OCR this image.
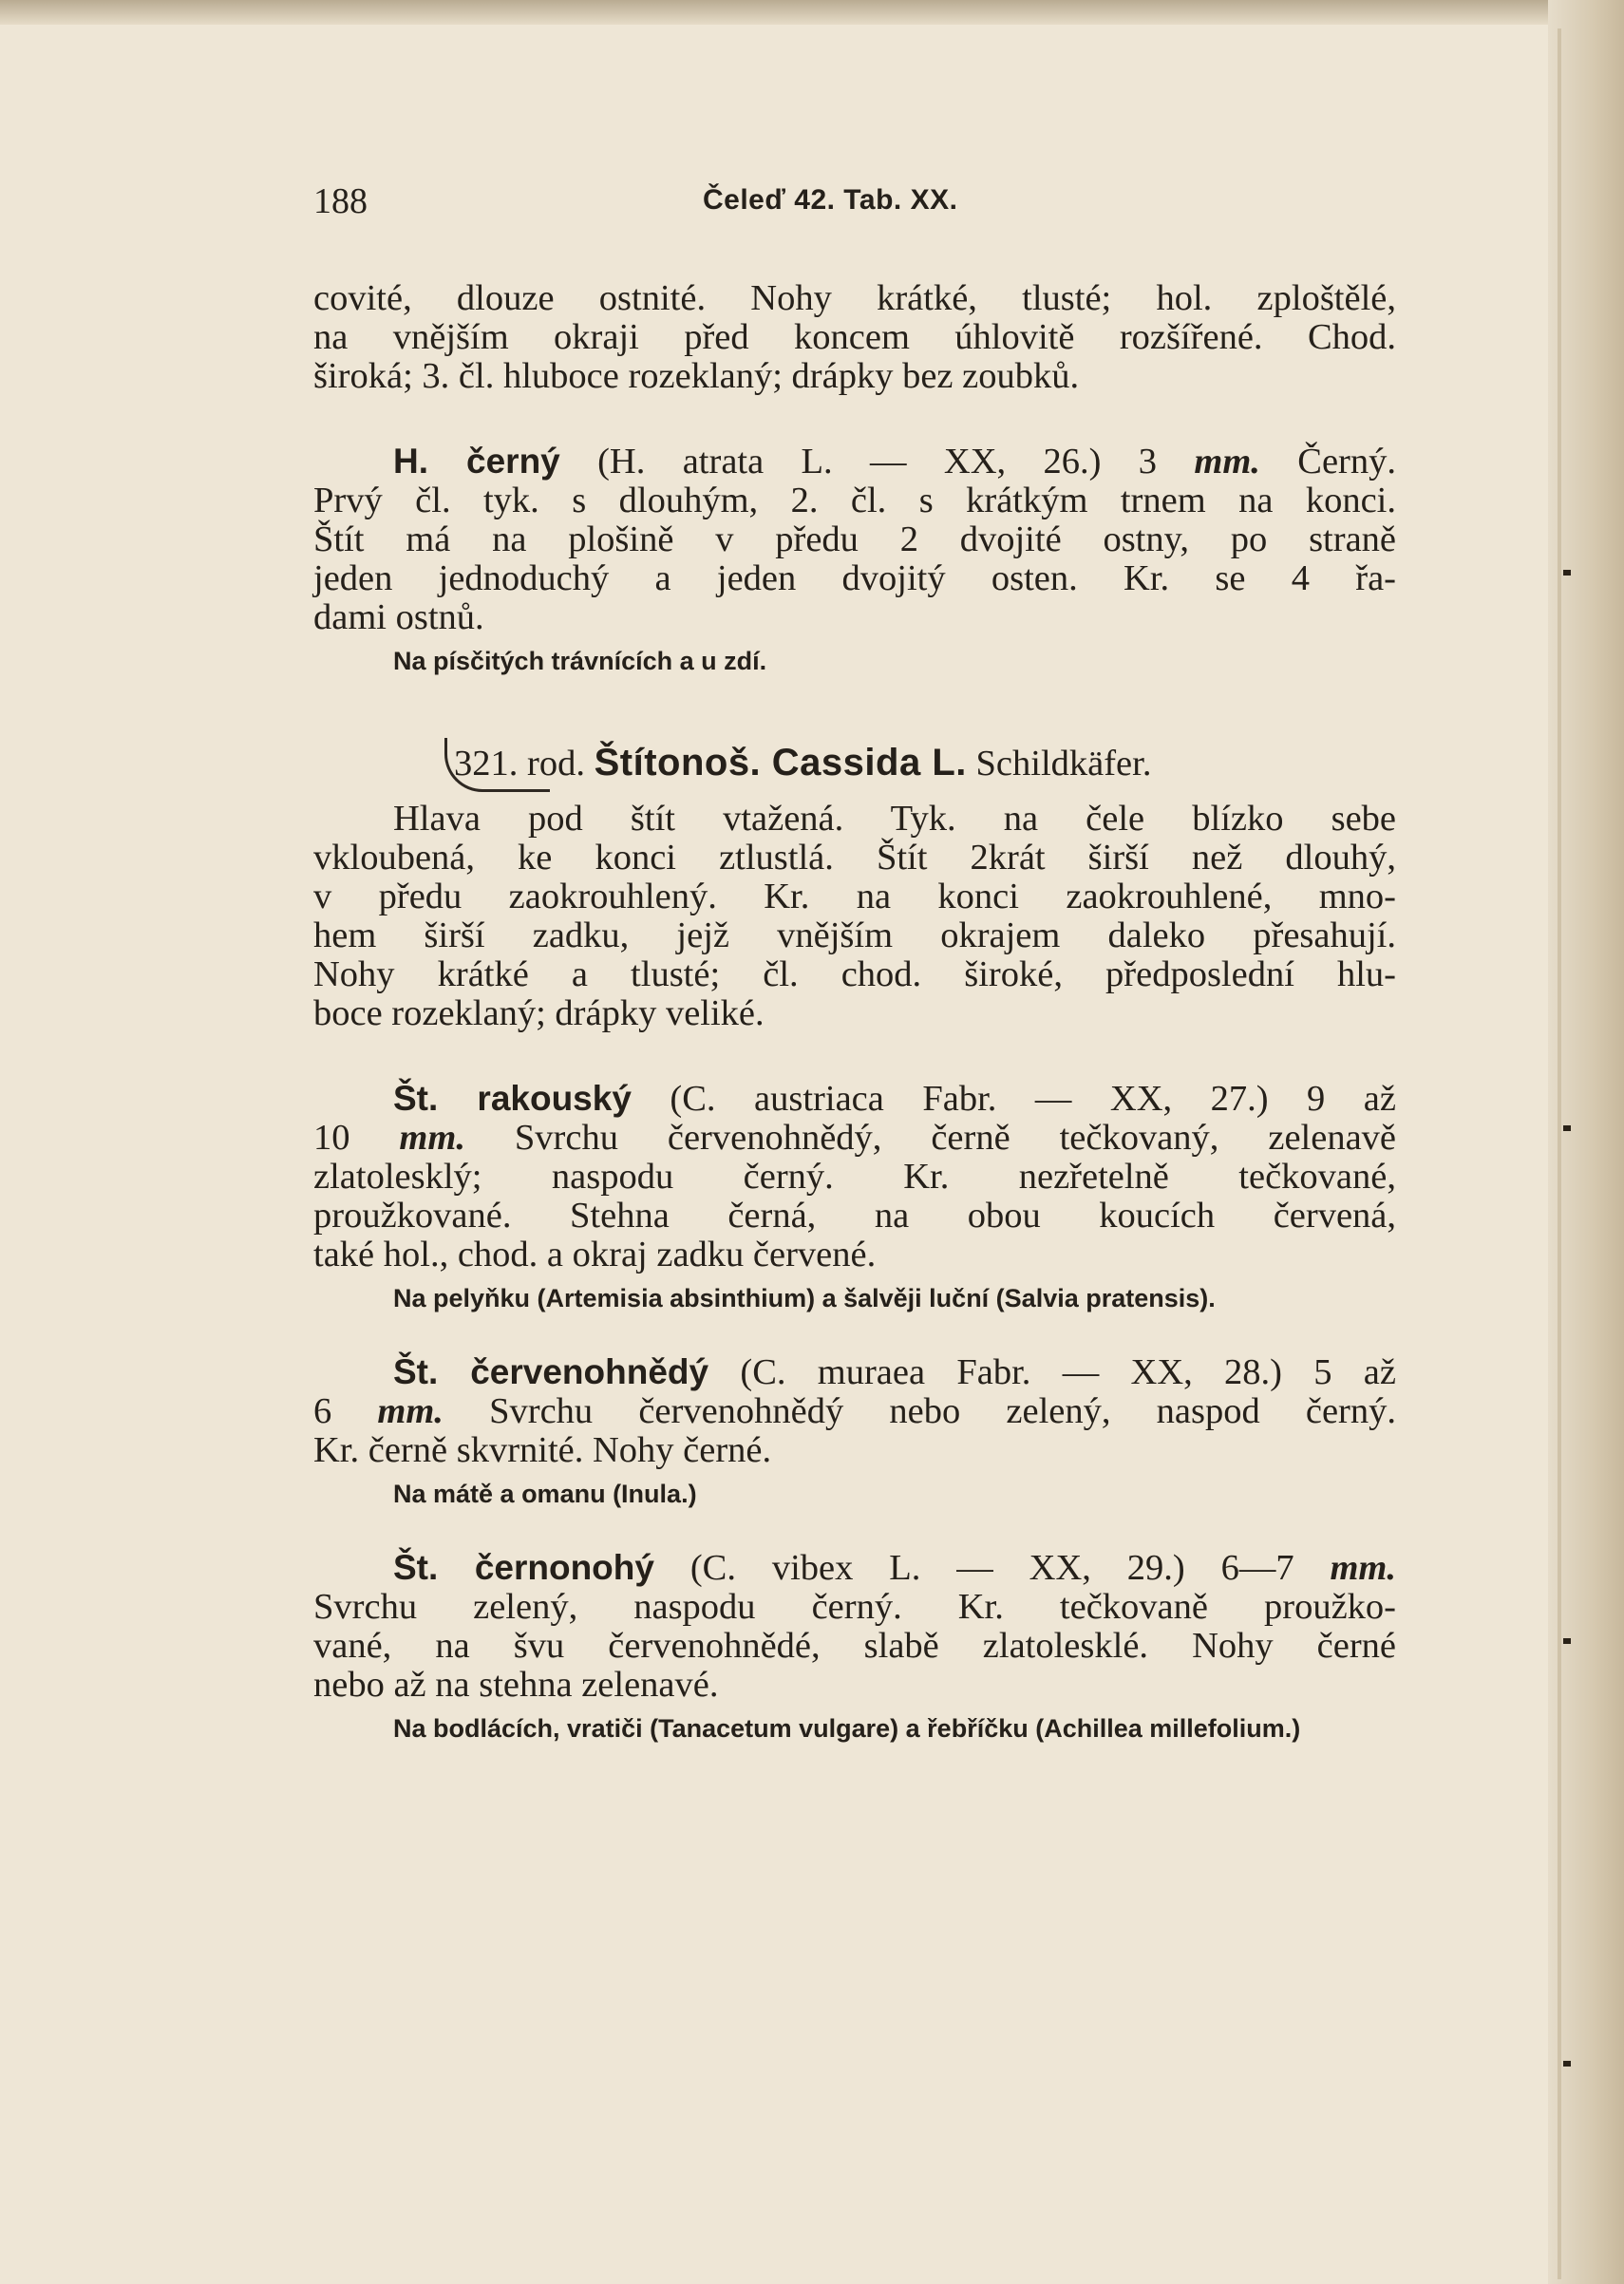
188	Čeleď 42. Tab. XX.

covité, dlouze ostnité. Nohy krátké, tlusté; hol. zploštělé,
na vnějším okraji před koncem úhlovitě rozšířené. Chod.
široká; 3. čl. hluboce rozeklaný; drápky bez zoubků.

H. černý (H. atrata L. — XX, 26.) 3 mm. Černý.
Prvý čl. tyk. s dlouhým, 2. čl. s krátkým trnem na konci.
Štít má na plošině v předu 2 dvojité ostny, po straně
jeden jednoduchý a jeden dvojitý osten. Kr. se 4 řa-
dami ostnů.

Na písčitých trávnících a u zdí.
321. rod. Štítonoš. Cassida L. Schildkäfer.

Hlava pod štít vtažená. Tyk. na čele blízko sebe
vkloubená, ke konci ztlustlá. Štít 2krát širší než dlouhý,
v předu zaokrouhlený. Kr. na konci zaokrouhlené, mno-
hem širší zadku, jejž vnějším okrajem daleko přesahují.
Nohy krátké a tlusté; čl. chod. široké, předposlední hlu-
boce rozeklaný; drápky veliké.

Št. rakouský (C. austriaca Fabr. — XX, 27.) 9 až
10 mm. Svrchu červenohnědý, černě tečkovaný, zelenavě
zlatolesklý; naspodu černý. Kr. nezřetelně tečkované,
proužkované. Stehna černá, na obou koucích červená,
také hol., chod. a okraj zadku červené.

Na pelyňku (Artemisia absinthium) a šalvěji luční (Salvia pratensis).

Št. červenohnědý (C. muraea Fabr. — XX, 28.) 5 až
6 mm. Svrchu červenohnědý nebo zelený, naspod černý.
Kr. černě skvrnité. Nohy černé.

Na mátě a omanu (Inula.)

Št. černonohý (C. vibex L. — XX, 29.) 6—7 mm.
Svrchu zelený, naspodu černý. Kr. tečkovaně proužko-
vané, na švu červenohnědé, slabě zlatolesklé. Nohy černé
nebo až na stehna zelenavé.

Na bodlácích, vratiči (Tanacetum vulgare) a řebříčku (Achillea millefolium.)
